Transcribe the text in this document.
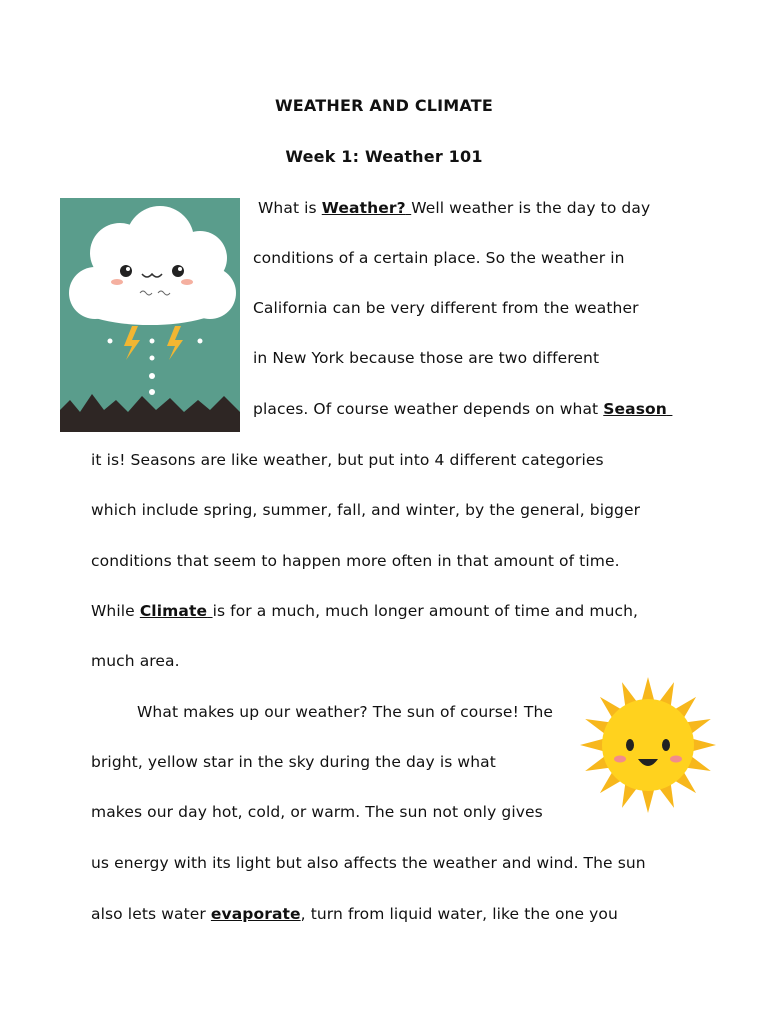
WEATHER AND CLIMATE
Week 1: Weather 101
What is Weather? Well weather is the day to day
conditions of a certain place. So the weather in
California can be very different from the weather
in New York because those are two different
places. Of course weather depends on what Season
it is! Seasons are like weather, but put into 4 different categories
which include spring, summer, fall, and winter, by the general, bigger
conditions that seem to happen more often in that amount of time.
While Climate is for a much, much longer amount of time and much,
much area.
What makes up our weather? The sun of course! The
bright, yellow star in the sky during the day is what
makes our day hot, cold, or warm. The sun not only gives
us energy with its light but also affects the weather and wind. The sun
also lets water evaporate, turn from liquid water, like the one you
